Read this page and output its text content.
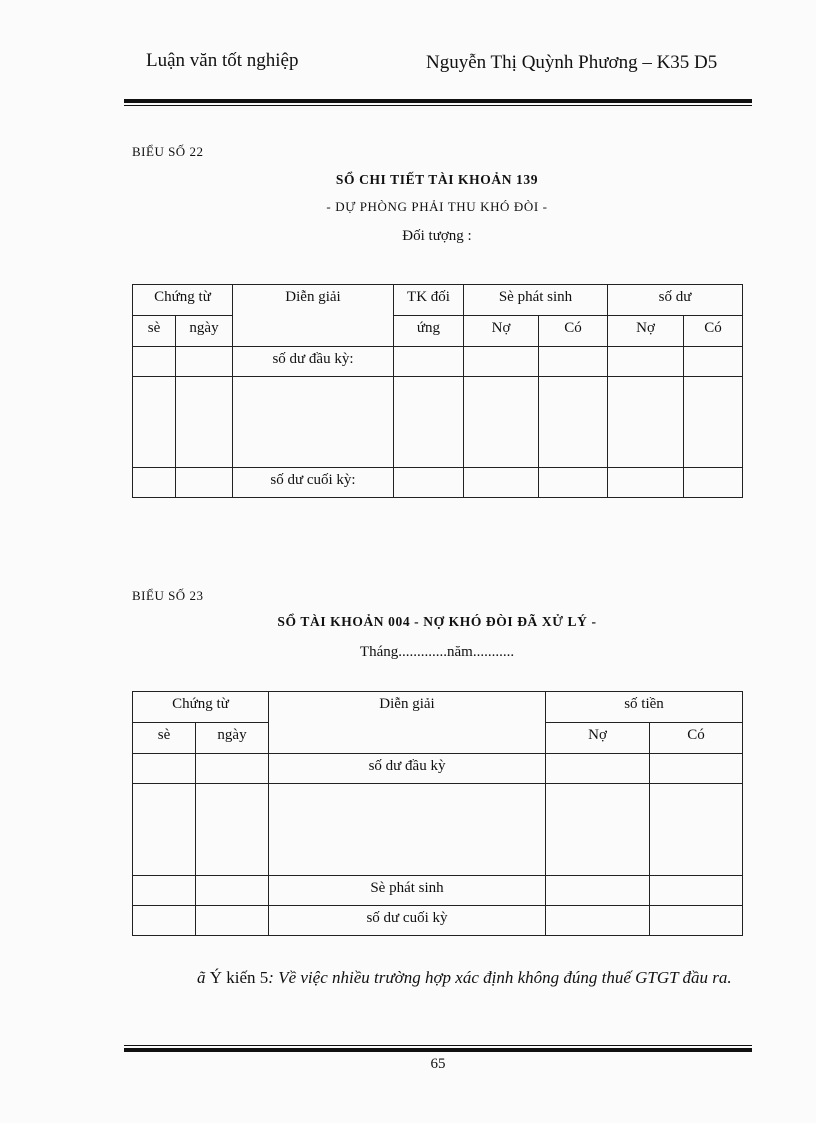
Luận văn tốt nghiệp	Nguyễn Thị Quỳnh Phương – K35 D5
BIỂU SỐ 22
SỔ CHI TIẾT TÀI KHOẢN 139
- DỰ PHÒNG PHẢI THU KHÓ ĐÒI -
Đối tượng :
Chứng từ		Diễn giải	TK đối	Sè phát sinh		số dư	
sè	ngày		ứng	Nợ	Có	Nợ	Có
		số dư đầu kỳ:					

		số dư cuối kỳ:					
BIỂU SỐ 23
SỔ TÀI KHOẢN 004 - NỢ KHÓ ĐÒI ĐÃ XỬ LÝ -
Tháng.............năm...........
Chứng từ		Diễn giải	số tiền	
sè	ngày		Nợ	Có
		số dư đầu kỳ		

		Sè phát sinh		
		số dư cuối kỳ		
ã Ý kiến 5: Về việc nhiều trường hợp xác định không đúng thuế GTGT đầu ra.
65
